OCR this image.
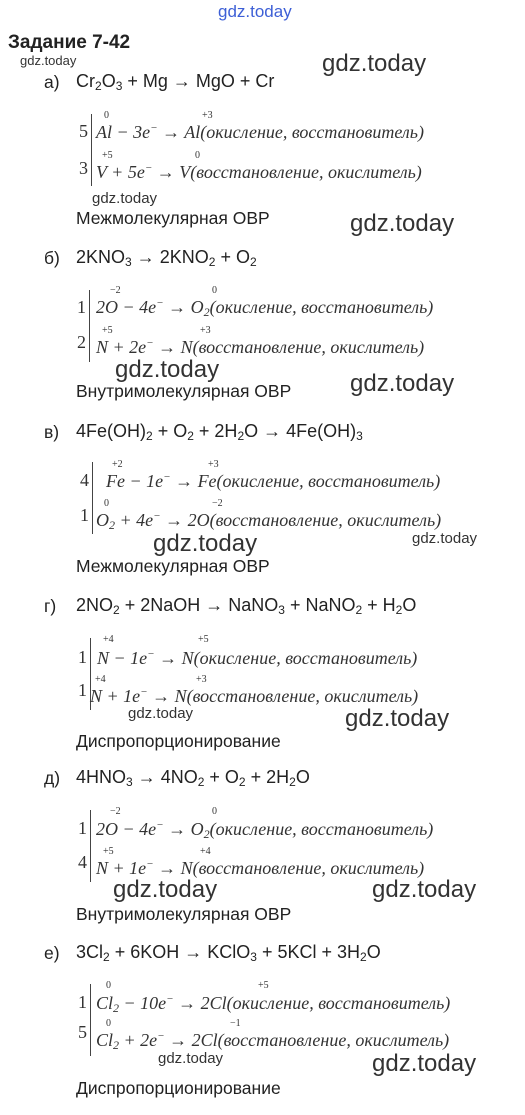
gdz.today
Задание 7-42
gdz.today
а) $Cr_2O_3 + Mg$ → MgO + Cr
gdz.today
5
3
0	+3
Al − 3e− → Al(окисление, восстановитель)
+5	0
V + 5e− → V(восстановление, окислитель)
gdz.today
Межмолекулярная ОВР	gdz.today
б) $2KNO_3 \to 2KNO_2 + O_2$
1
2
−2	0
$2O - 4e^- \to O_2(окисление$, восстановитель)
+5	+3
N + 2e− → N(восстановление, окислитель)
gdz.today
Внутримолекулярная ОВР gdz.today
в) $4Fe(OH)_2 + O_2 + 2H_2O \to 4Fe(OH)_3$
4
1
+2	+3
Fe − 1e− → Fe(окисление, восстановитель)
0	−2
$O_2 + 4e^-$ → 2O(восстановление, окислитель)
gdz.today
gdz.today
Межмолекулярная ОВР
г) $2NO_2$ + 2NaOH → NaNO$_3$ + NaNO$_2$ + $H_2O$
1
1
+4	+5
N − 1e− → N(окисление, восстановитель)
+4	+3
N + 1e− → N(восстановление, окислитель)
gdz.today	gdz.today
Диспропорционирование
д) $4HNO_3 \to 4NO_2 + O_2 + 2H_2O$
1
4
−2	0
$2O - 4e^- \to O_2(окисление$, восстановитель)
+5	+4
N + 1e− → N(восстановление, окислитель)
gdz.today	gdz.today
Внутримолекулярная ОВР
е) $3Cl_2 + 6KOH$ → KClO$_3$ + $5KCl + 3H_2O$
1
5
0	+5
$Cl_2 - 10e^-$ → 2Cl(окисление, восстановитель)
0	−1
$Cl_2 + 2e^-$ → 2Cl(восстановление, окислитель)
gdz.today	gdz.today
Диспропорционирование
